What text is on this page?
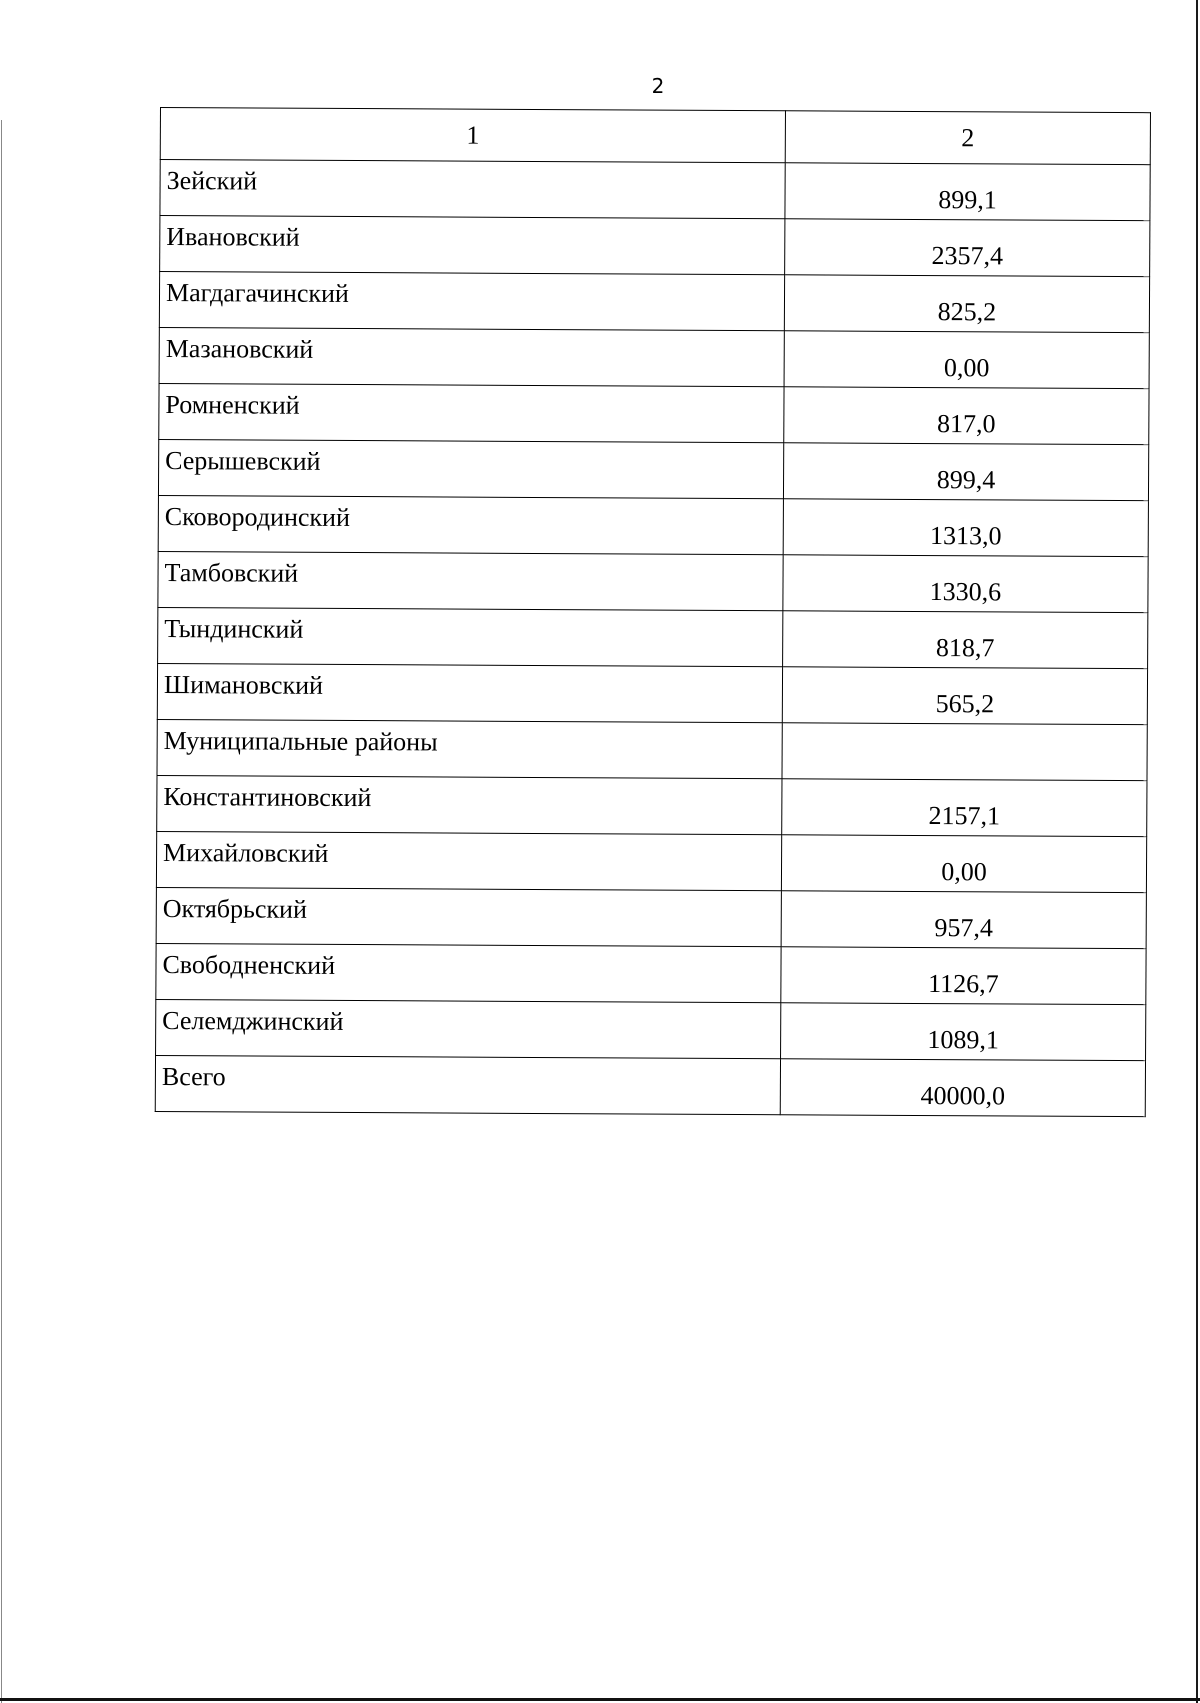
2
1	2
Зейский	899,1
Ивановский	2357,4
Магдагачинский	825,2
Мазановский	0,00
Ромненский	817,0
Серышевский	899,4
Сковородинский	1313,0
Тамбовский	1330,6
Тындинский	818,7
Шимановский	565,2
Муниципальные районы	
Константиновский	2157,1
Михайловский	0,00
Октябрьский	957,4
Свободненский	1126,7
Селемджинский	1089,1
Всего	40000,0
